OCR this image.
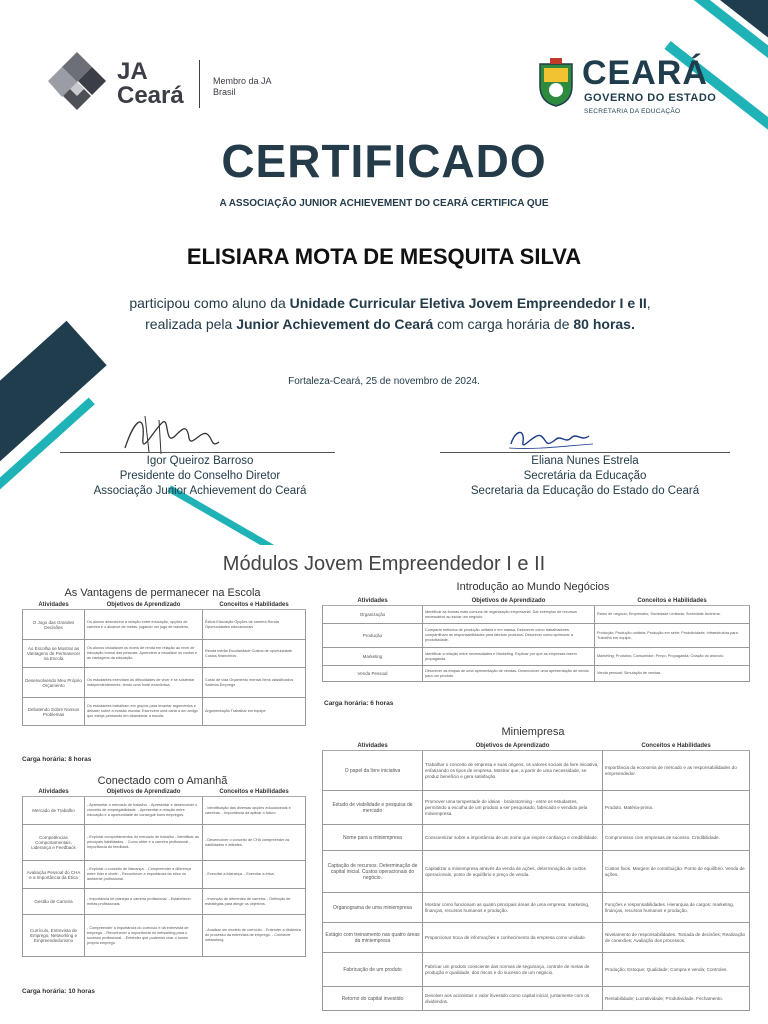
JA
Ceará
Membro da JA Brasil	CEARÁ
GOVERNO DO ESTADO
SECRETARIA DA EDUCAÇÃO
CERTIFICADO
A ASSOCIAÇÃO JUNIOR ACHIEVEMENT DO CEARÁ CERTIFICA QUE
ELISIARA MOTA DE MESQUITA SILVA
participou como aluno da Unidade Curricular Eletiva Jovem Empreendedor I e II, realizada pela Junior Achievement do Ceará com carga horária de 80 horas.
Fortaleza-Ceará, 25 de novembro de 2024.
Igor Queiroz Barroso
Presidente do Conselho Diretor
Associação Junior Achievement do Ceará
Eliana Nunes Estrela
Secretária da Educação
Secretaria da Educação do Estado do Ceará
Módulos Jovem Empreendedor I e II
As Vantagens de permanecer na Escola
Atividades	Objetivos de Aprendizado	Conceitos e Habilidades
O Jogo das Grandes Decisões	Os alunos descobrem a relação entre educação, opções de carreira e o alcance de metas, jogando um jogo de tabuleiro.	Êxitos Educação Opções de carreira Renda Oportunidades educacionais
Ao Escolha se Mostrar as Vantagens de Permanecer na Escola	Os alunos visualizam os níveis de renda em relação ao nível de educação formal das pessoas. Aprendem a visualizar os custos e as vantagens da educação.	Renda média Escolaridade Custos de oportunidade Custos financeiros
Desenvolvendo Meu Próprio Orçamento	Os estudantes exercitam as dificuldades de viver e se sustentar independentemente, tendo uma fonte econômica.	Custo de vida Orçamento mensal Itens classificados Salários Emprego
Debatendo Sobre Nossos Problemas	Os estudantes trabalham em grupos para levantar argumentos e debater sobre a evasão escolar. Escrevem uma carta a um amigo que esteja pensando em abandonar a escola.	Argumentação Trabalhar em equipe
Carga horária: 8 horas
Conectado com o Amanhã
Atividades	Objetivos de Aprendizado	Conceitos e Habilidades
Mercado de Trabalho	- Apresentar o mercado de trabalho. - Apresentar e desenvolver o conceito de empregabilidade. - Apresentar a relação entre educação e a oportunidade de conseguir bons empregos.	- Identificação das diversas opções educacionais e carreiras. - Importância da aplicar o futuro.
Competências Comportamentais, Liderança e Feedback	- Explorar comportamentos do mercado de trabalho - Identificar as principais habilidades. - Como obter e a carreira profissional - Importância do feedback.	- Desenvolver o conceito de CHA compreender as habilidades e atitudes.
Avaliação Pessoal do CHA e a Importância da Ética	- Explorar o conceito de liderança. - Compreender a diferença entre líder e chefe. - Reconhecer a importância da ética no ambiente profissional.	- Exercitar a liderança. - Exercitar a ética.
Gestão de Carreira	- Importância de planejar a carreira profissional. - Estabelecer metas profissionais.	- Invenção de diferentes de carreira. - Definição de estratégias para atingir os objetivos.
Currículo, Entrevista de Emprego, Networking e Empreendedorismo	- Compreender a importância do currículo e da entrevista de emprego. - Reconhecer a importância do networking para o sucesso profissional. - Entender que podemos criar o nosso próprio emprego.	- Analisar um modelo de currículo. - Entender a dinâmica do processo da entrevista de emprego. - Conhecer networking.
Carga horária: 10 horas
Introdução ao Mundo Negócios
Atividades	Objetivos de Aprendizado	Conceitos e Habilidades
Organização	Identificar as formas mais comuns de organização empresarial. Dar exemplos de recursos necessários ao iniciar um negócio.	Ramo de negócio; Empresário; Sociedade Limitada; Sociedade Anônima.
Produção	Comparar métodos de produção unitária e em massa. Descrever como trabalhadores compartilham as responsabilidades para fabricar produtos. Descrever como aprimorar a produtividade.	Produção; Produção unitária; Produção em série; Produtividade; Infraestrutura para Trabalho em equipe.
Marketing	Identificar a relação entre necessidades e Marketing. Explicar por que as empresas fazem propaganda.	Marketing; Produtos; Consumidor; Preço; Propaganda; Criação do anúncio.
Venda Pessoal	Descrever as etapas de uma apresentação de vendas. Desenvolver uma apresentação de venda para um produto.	Venda pessoal; Simulação de vendas.
Carga horária: 6 horas
Miniempresa
Atividades	Objetivos de Aprendizado	Conceitos e Habilidades
O papel da livre iniciativa	Trabalhar o conceito de empresa e suas origens, os valores sociais da livre iniciativa, enfatizando os tipos de empresa. Mostrar que, a partir de uma necessidade, se produz benefício e gera satisfação.	Importância da economia de mercado e as responsabilidades do empreendedor.
Estudo de viabilidade e pesquisa de mercado	Promover uma tempestade de ideias - brainstorming - entre os estudantes, permitindo a escolha de um produto a ser pesquisado, fabricado e vendido pela miniempresa.	Produto. Matéria-prima.
Nome para a miniempresa	Conscientizar sobre a importância de um nome que inspire confiança e credibilidade.	Compromisso com empresas de sucesso. Credibilidade.
Captação de recursos. Determinação de capital inicial. Custos operacionais do negócio.	Capitalizar a miniempresa através da venda de ações, determinação de custos operacionais, ponto de equilíbrio e preço de venda.	Custos fixos. Margem de contribuição. Ponto de equilíbrio. Venda de ações.
Organograma de uma miniempresa	Mostrar como funcionam as quatro principais áreas de uma empresa: marketing, finanças, recursos humanos e produção.	Funções e responsabilidades. Hierarquia de cargos: marketing, finanças, recursos humanos e produção.
Estágio com treinamento nas quatro áreas da miniempresa	Proporcionar troca de informações e conhecimento da empresa como unidade.	Nivelamento de responsabilidades. Tomada de decisões; Realização de conexões; Avaliação dos processos.
Fabricação de um produto	Fabricar um produto consciente das normas de segurança, controle de metas de produção e qualidade, dos riscos e do sucesso de um negócio.	Produção; Estoque; Qualidade; Compra e venda; Controles.
Retorno do capital investido	Devolver aos acionistas o valor investido como capital inicial, juntamente com os dividendos.	Rentabilidade; Lucratividade; Produtividade. Fechamento.
